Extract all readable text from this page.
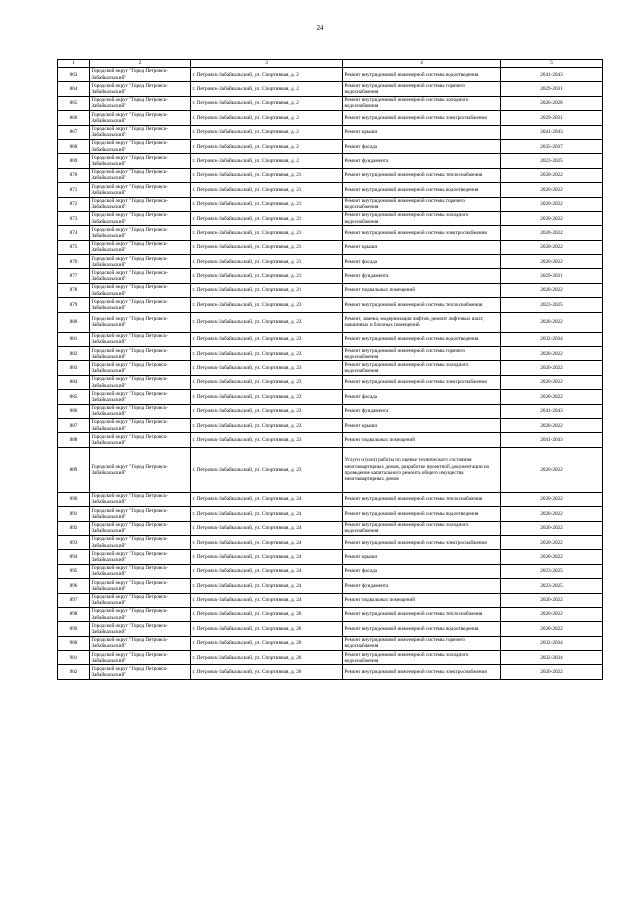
24
1	2	3	4	5
863	Городской округ "Город Петровск-Забайкальский"	г. Петровск-Забайкальский, ул. Спортивная, д. 2	Ремонт внутридомовой инженерной системы водоотведения	2041-2043
864	Городской округ "Город Петровск-Забайкальский"	г. Петровск-Забайкальский, ул. Спортивная, д. 2	Ремонт внутридомовой инженерной системы горячего водоснабжения	2029-2031
865	Городской округ "Город Петровск-Забайкальский"	г. Петровск-Забайкальский, ул. Спортивная, д. 2	Ремонт внутридомовой инженерной системы холодного водоснабжения	2026-2028
866	Городской округ "Город Петровск-Забайкальский"	г. Петровск-Забайкальский, ул. Спортивная, д. 2	Ремонт внутридомовой инженерной системы электроснабжения	2029-2031
867	Городской округ "Город Петровск-Забайкальский"	г. Петровск-Забайкальский, ул. Спортивная, д. 2	Ремонт крыши	2041-2043
868	Городской округ "Город Петровск-Забайкальский"	г. Петровск-Забайкальский, ул. Спортивная, д. 2	Ремонт фасада	2035-2037
869	Городской округ "Город Петровск-Забайкальский"	г. Петровск-Забайкальский, ул. Спортивная, д. 2	Ремонт фундамента	2023-2025
870	Городской округ "Город Петровск-Забайкальский"	г. Петровск-Забайкальский, ул. Спортивная, д. 21	Ремонт внутридомовой инженерной системы теплоснабжения	2020-2022
871	Городской округ "Город Петровск-Забайкальский"	г. Петровск-Забайкальский, ул. Спортивная, д. 21	Ремонт внутридомовой инженерной системы водоотведения	2020-2022
872	Городской округ "Город Петровск-Забайкальский"	г. Петровск-Забайкальский, ул. Спортивная, д. 21	Ремонт внутридомовой инженерной системы горячего водоснабжения	2020-2022
873	Городской округ "Город Петровск-Забайкальский"	г. Петровск-Забайкальский, ул. Спортивная, д. 21	Ремонт внутридомовой инженерной системы холодного водоснабжения	2020-2022
874	Городской округ "Город Петровск-Забайкальский"	г. Петровск-Забайкальский, ул. Спортивная, д. 21	Ремонт внутридомовой инженерной системы электроснабжения	2020-2022
875	Городской округ "Город Петровск-Забайкальский"	г. Петровск-Забайкальский, ул. Спортивная, д. 21	Ремонт крыши	2020-2022
876	Городской округ "Город Петровск-Забайкальский"	г. Петровск-Забайкальский, ул. Спортивная, д. 21	Ремонт фасада	2020-2022
877	Городской округ "Город Петровск-Забайкальский"	г. Петровск-Забайкальский, ул. Спортивная, д. 21	Ремонт фундамента	2029-2031
878	Городской округ "Город Петровск-Забайкальский"	г. Петровск-Забайкальский, ул. Спортивная, д. 21	Ремонт подвальных помещений	2020-2022
879	Городской округ "Город Петровск-Забайкальский"	г. Петровск-Забайкальский, ул. Спортивная, д. 23	Ремонт внутридомовой инженерной системы теплоснабжения	2023-2025
880	Городской округ "Город Петровск-Забайкальский"	г. Петровск-Забайкальский, ул. Спортивная, д. 23	Ремонт, замена, модернизация лифтов, ремонт лифтовых шахт, машинных и блочных помещений	2020-2022
881	Городской округ "Город Петровск-Забайкальский"	г. Петровск-Забайкальский, ул. Спортивная, д. 23	Ремонт внутридомовой инженерной системы водоотведения	2032-2034
882	Городской округ "Город Петровск-Забайкальский"	г. Петровск-Забайкальский, ул. Спортивная, д. 23	Ремонт внутридомовой инженерной системы горячего водоснабжения	2020-2022
883	Городской округ "Город Петровск-Забайкальский"	г. Петровск-Забайкальский, ул. Спортивная, д. 23	Ремонт внутридомовой инженерной системы холодного водоснабжения	2020-2022
884	Городской округ "Город Петровск-Забайкальский"	г. Петровск-Забайкальский, ул. Спортивная, д. 23	Ремонт внутридомовой инженерной системы электроснабжения	2020-2022
885	Городской округ "Город Петровск-Забайкальский"	г. Петровск-Забайкальский, ул. Спортивная, д. 23	Ремонт фасада	2020-2022
886	Городской округ "Город Петровск-Забайкальский"	г. Петровск-Забайкальский, ул. Спортивная, д. 23	Ремонт фундамента	2041-2043
887	Городской округ "Город Петровск-Забайкальский"	г. Петровск-Забайкальский, ул. Спортивная, д. 23	Ремонт крыши	2020-2022
888	Городской округ "Город Петровск-Забайкальский"	г. Петровск-Забайкальский, ул. Спортивная, д. 23	Ремонт подвальных помещений	2041-2043
889	Городской округ "Город Петровск-Забайкальский"	г. Петровск-Забайкальский, ул. Спортивная, д. 23	Услуги и (или) работы по оценке технического состояния многоквартирных домов, разработке проектной документации на проведение капитального ремонта общего имущества многоквартирных домов	2020-2022
890	Городской округ "Город Петровск-Забайкальский"	г. Петровск-Забайкальский, ул. Спортивная, д. 24	Ремонт внутридомовой инженерной системы теплоснабжения	2020-2022
891	Городской округ "Город Петровск-Забайкальский"	г. Петровск-Забайкальский, ул. Спортивная, д. 24	Ремонт внутридомовой инженерной системы водоотведения	2020-2022
892	Городской округ "Город Петровск-Забайкальский"	г. Петровск-Забайкальский, ул. Спортивная, д. 24	Ремонт внутридомовой инженерной системы холодного водоснабжения	2020-2022
893	Городской округ "Город Петровск-Забайкальский"	г. Петровск-Забайкальский, ул. Спортивная, д. 24	Ремонт внутридомовой инженерной системы электроснабжения	2020-2022
894	Городской округ "Город Петровск-Забайкальский"	г. Петровск-Забайкальский, ул. Спортивная, д. 24	Ремонт крыши	2020-2022
895	Городской округ "Город Петровск-Забайкальский"	г. Петровск-Забайкальский, ул. Спортивная, д. 24	Ремонт фасада	2023-2025
896	Городской округ "Город Петровск-Забайкальский"	г. Петровск-Забайкальский, ул. Спортивная, д. 24	Ремонт фундамента	2023-2025
897	Городской округ "Город Петровск-Забайкальский"	г. Петровск-Забайкальский, ул. Спортивная, д. 24	Ремонт подвальных помещений	2020-2022
898	Городской округ "Город Петровск-Забайкальский"	г. Петровск-Забайкальский, ул. Спортивная, д. 26	Ремонт внутридомовой инженерной системы теплоснабжения	2020-2022
899	Городской округ "Город Петровск-Забайкальский"	г. Петровск-Забайкальский, ул. Спортивная, д. 26	Ремонт внутридомовой инженерной системы водоотведения	2020-2022
900	Городской округ "Город Петровск-Забайкальский"	г. Петровск-Забайкальский, ул. Спортивная, д. 26	Ремонт внутридомовой инженерной системы горячего водоснабжения	2032-2034
901	Городской округ "Город Петровск-Забайкальский"	г. Петровск-Забайкальский, ул. Спортивная, д. 26	Ремонт внутридомовой инженерной системы холодного водоснабжения	2032-2034
902	Городской округ "Город Петровск-Забайкальский"	г. Петровск-Забайкальский, ул. Спортивная, д. 26	Ремонт внутридомовой инженерной системы электроснабжения	2020-2022
